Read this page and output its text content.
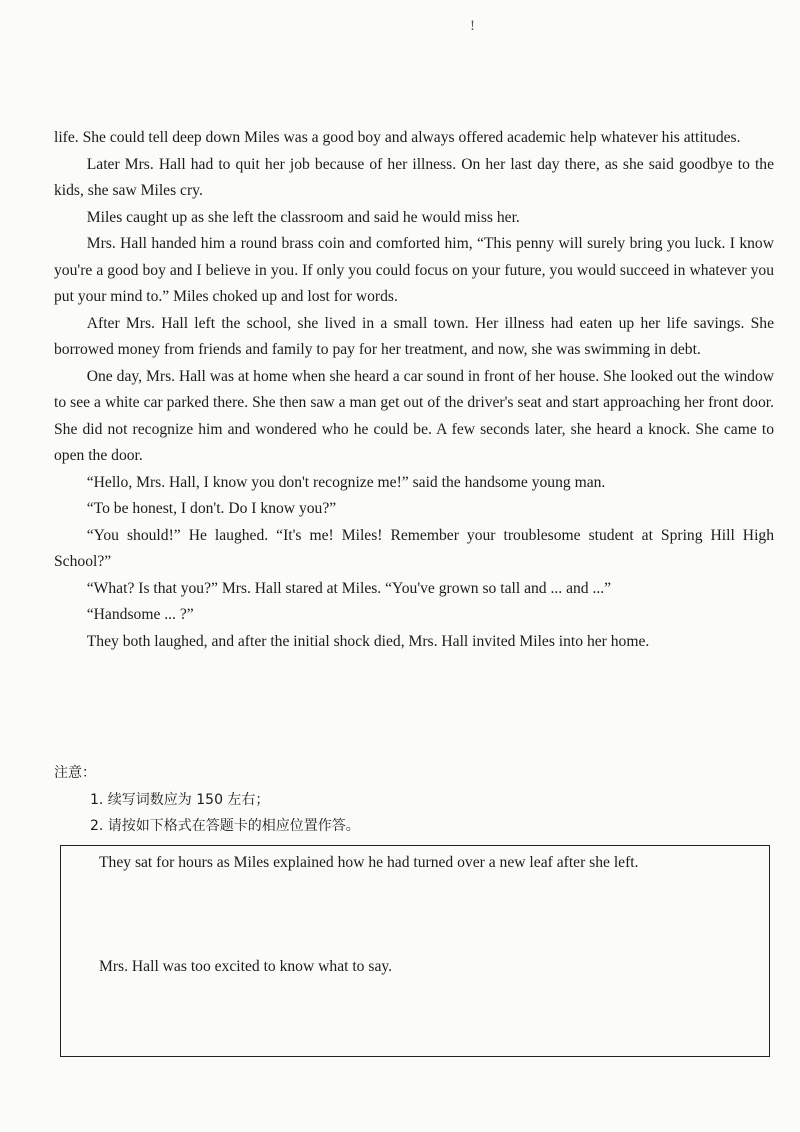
!

life. She could tell deep down Miles was a good boy and always offered academic help whatever his attitudes.

Later Mrs. Hall had to quit her job because of her illness. On her last day there, as she said goodbye to the kids, she saw Miles cry.

Miles caught up as she left the classroom and said he would miss her.

Mrs. Hall handed him a round brass coin and comforted him, “This penny will surely bring you luck. I know you're a good boy and I believe in you. If only you could focus on your future, you would succeed in whatever you put your mind to.” Miles choked up and lost for words.

After Mrs. Hall left the school, she lived in a small town. Her illness had eaten up her life savings. She borrowed money from friends and family to pay for her treatment, and now, she was swimming in debt.

One day, Mrs. Hall was at home when she heard a car sound in front of her house. She looked out the window to see a white car parked there. She then saw a man get out of the driver's seat and start approaching her front door. She did not recognize him and wondered who he could be. A few seconds later, she heard a knock. She came to open the door.

“Hello, Mrs. Hall, I know you don't recognize me!” said the handsome young man.

“To be honest, I don't. Do I know you?”

“You should!” He laughed. “It's me! Miles! Remember your troublesome student at Spring Hill High School?”

“What? Is that you?” Mrs. Hall stared at Miles. “You've grown so tall and ... and ...”

“Handsome ... ?”

They both laughed, and after the initial shock died, Mrs. Hall invited Miles into her home.

注意：
1. 续写词数应为 150 左右；
2. 请按如下格式在答题卡的相应位置作答。
They sat for hours as Miles explained how he had turned over a new leaf after she left.
Mrs. Hall was too excited to know what to say.
